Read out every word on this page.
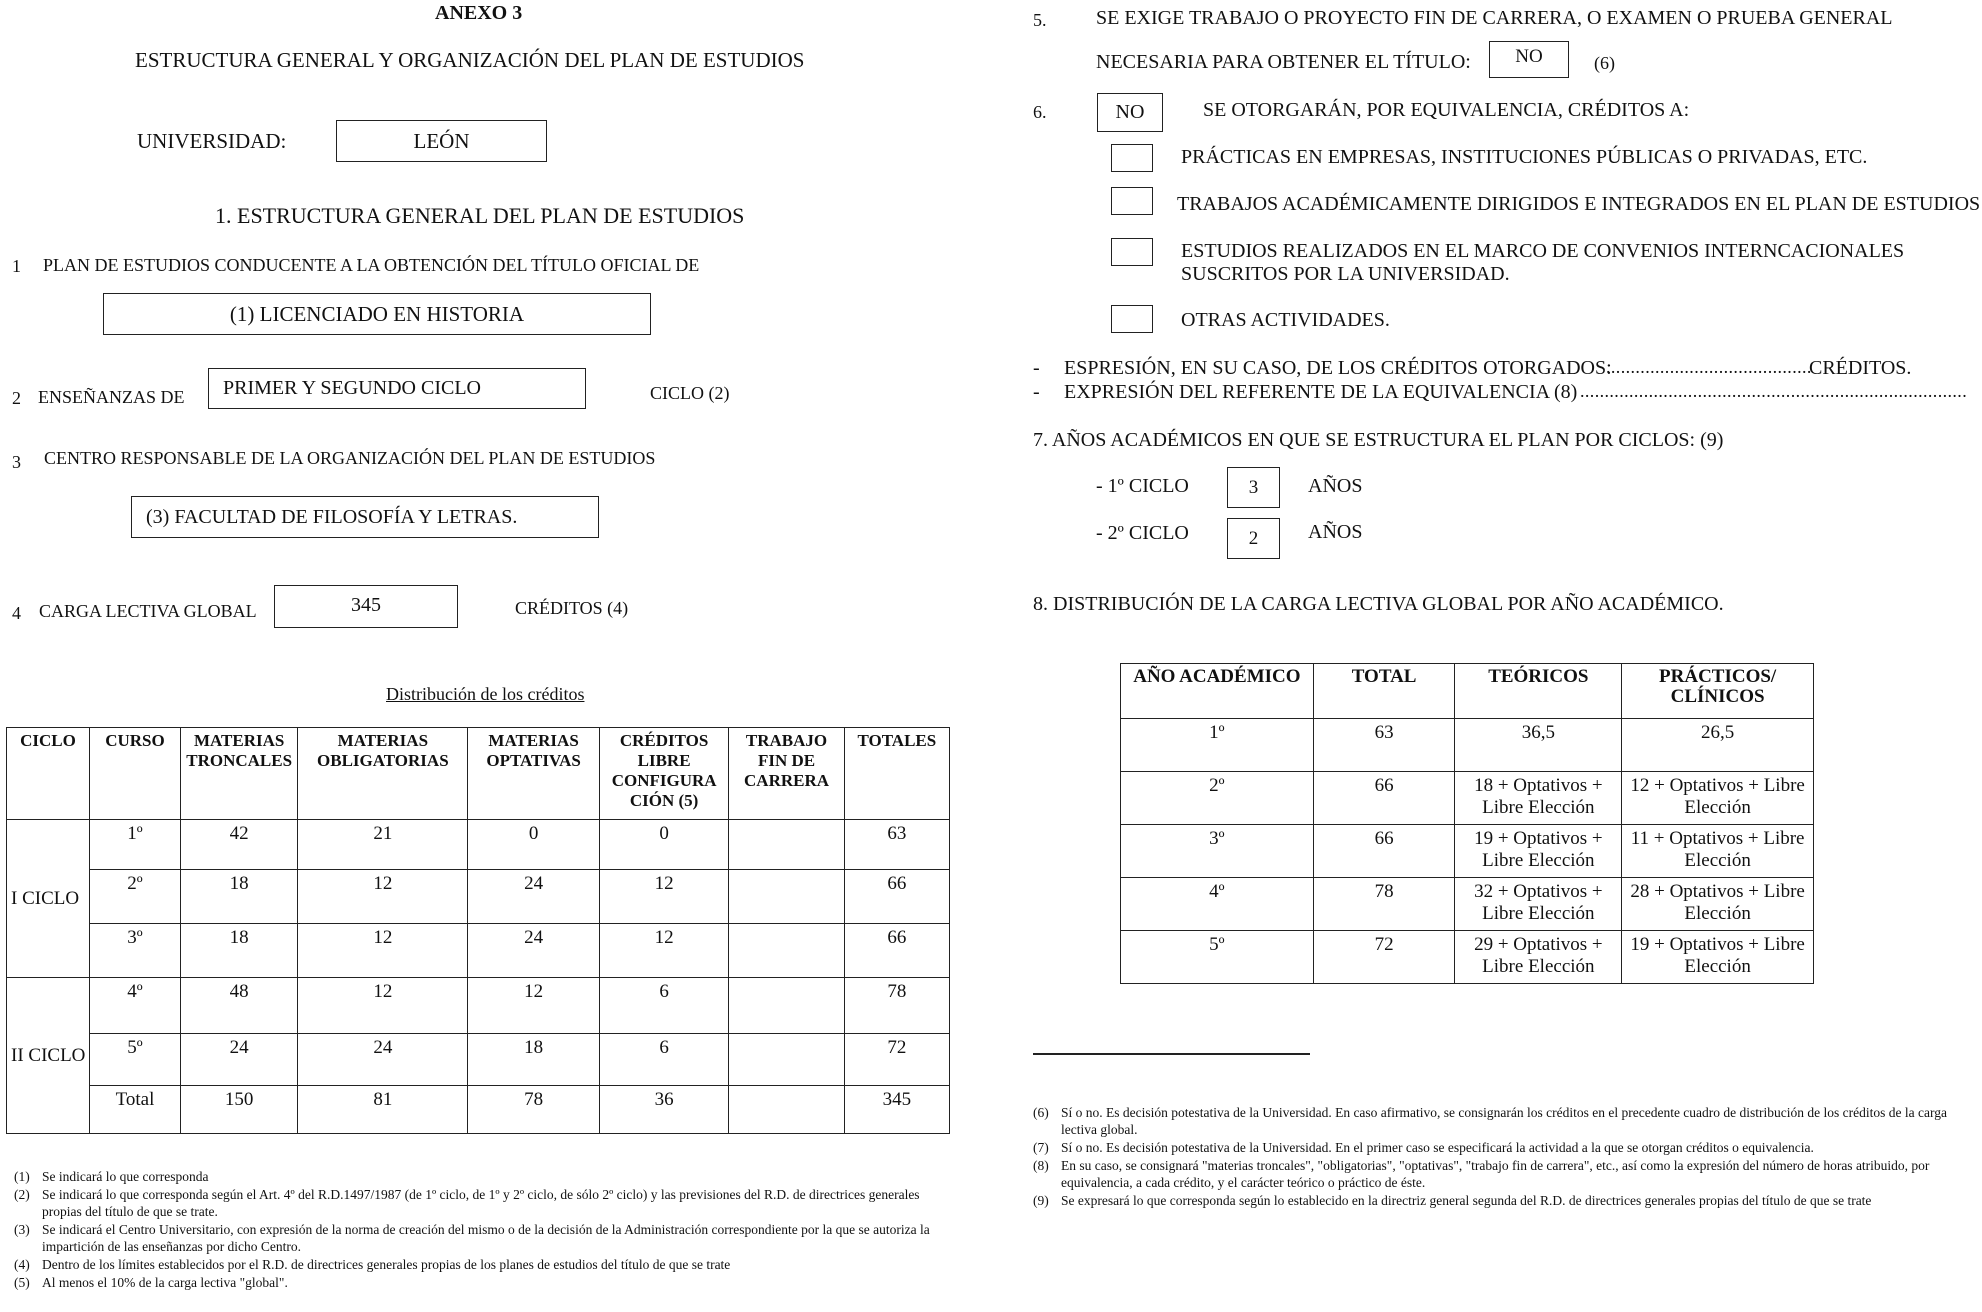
ANEXO 3
ESTRUCTURA GENERAL Y ORGANIZACIÓN DEL PLAN DE ESTUDIOS
UNIVERSIDAD:	LEÓN
1. ESTRUCTURA GENERAL DEL PLAN DE ESTUDIOS
1 PLAN DE ESTUDIOS CONDUCENTE A LA OBTENCIÓN DEL TÍTULO OFICIAL DE
(1) LICENCIADO EN HISTORIA
2 ENSEÑANZAS DE	PRIMER Y SEGUNDO CICLO	CICLO (2)
3 CENTRO RESPONSABLE DE LA ORGANIZACIÓN DEL PLAN DE ESTUDIOS
(3) FACULTAD DE FILOSOFÍA Y LETRAS.
4 CARGA LECTIVA GLOBAL	345	CRÉDITOS (4)
Distribución de los créditos
CICLO	CURSO	MATERIAS TRONCALES	MATERIAS OBLIGATORIAS	MATERIAS OPTATIVAS	CRÉDITOS LIBRE CONFIGURA CIÓN (5)	TRABAJO FIN DE CARRERA	TOTALES
I CICLO	1º	42	21	0	0		63
	2º	18	12	24	12		66
	3º	18	12	24	12		66
II CICLO	4º	48	12	12	6		78
	5º	24	24	18	6		72
	Total	150	81	78	36		345
(1) Se indicará lo que corresponda
(2) Se indicará lo que corresponda según el Art. 4º del R.D.1497/1987 (de 1º ciclo, de 1º y 2º ciclo, de sólo 2º ciclo) y las previsiones del R.D. de directrices generales propias del título de que se trate.
(3) Se indicará el Centro Universitario, con expresión de la norma de creación del mismo o de la decisión de la Administración correspondiente por la que se autoriza la impartición de las enseñanzas por dicho Centro.
(4) Dentro de los límites establecidos por el R.D. de directrices generales propias de los planes de estudios del título de que se trate
(5) Al menos el 10% de la carga lectiva "global".
5. SE EXIGE TRABAJO O PROYECTO FIN DE CARRERA, O EXAMEN O PRUEBA GENERAL
NECESARIA PARA OBTENER EL TÍTULO:	NO	(6)
6.	NO	SE OTORGARÁN, POR EQUIVALENCIA, CRÉDITOS A:
PRÁCTICAS EN EMPRESAS, INSTITUCIONES PÚBLICAS O PRIVADAS, ETC.
TRABAJOS ACADÉMICAMENTE DIRIGIDOS E INTEGRADOS EN EL PLAN DE ESTUDIOS
ESTUDIOS REALIZADOS EN EL MARCO DE CONVENIOS INTERNCACIONALES
SUSCRITOS POR LA UNIVERSIDAD.
OTRAS ACTIVIDADES.
- ESPRESIÓN, EN SU CASO, DE LOS CRÉDITOS OTORGADOS:
..........................................
CRÉDITOS.
- EXPRESIÓN DEL REFERENTE DE LA EQUIVALENCIA (8) ...............................................................................
7. AÑOS ACADÉMICOS EN QUE SE ESTRUCTURA EL PLAN POR CICLOS: (9)
- 1º CICLO	3	AÑOS
- 2º CICLO	2	AÑOS
8. DISTRIBUCIÓN DE LA CARGA LECTIVA GLOBAL POR AÑO ACADÉMICO.
AÑO ACADÉMICO	TOTAL	TEÓRICOS	PRÁCTICOS/ CLÍNICOS
1º	63	36,5	26,5
2º	66	18 + Optativos + Libre Elección	12 + Optativos + Libre Elección
3º	66	19 + Optativos + Libre Elección	11 + Optativos + Libre Elección
4º	78	32 + Optativos + Libre Elección	28 + Optativos + Libre Elección
5º	72	29 + Optativos + Libre Elección	19 + Optativos + Libre Elección
(6) Sí o no. Es decisión potestativa de la Universidad. En caso afirmativo, se consignarán los créditos en el precedente cuadro de distribución de los créditos de la carga lectiva global.
(7) Sí o no. Es decisión potestativa de la Universidad. En el primer caso se especificará la actividad a la que se otorgan créditos o equivalencia.
(8) En su caso, se consignará "materias troncales", "obligatorias", "optativas", "trabajo fin de carrera", etc., así como la expresión del número de horas atribuido, por equivalencia, a cada crédito, y el carácter teórico o práctico de éste.
(9) Se expresará lo que corresponda según lo establecido en la directriz general segunda del R.D. de directrices generales propias del título de que se trate
